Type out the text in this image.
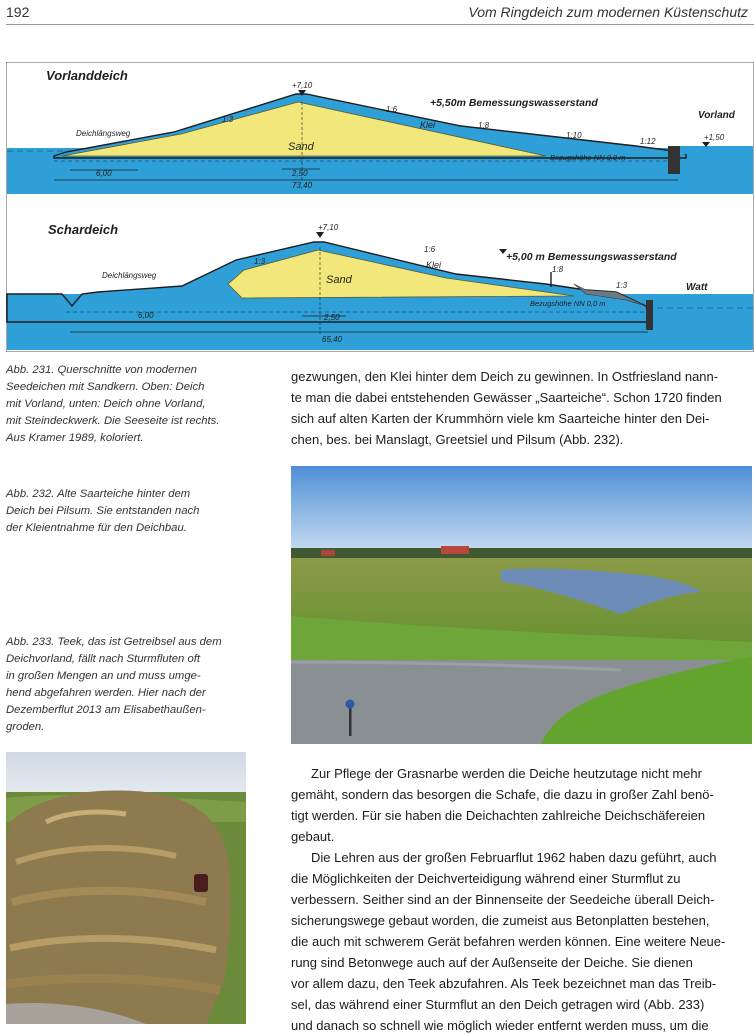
192	Vom Ringdeich zum modernen Küstenschutz
Vorlanddeich
+7,10
+5,50m Bemessungswasserstand
Vorland
+1,50
Deichlängsweg
Sand
Klei
Bezugshöhe NN 0,0 m
1:3
1:6
1:8
1:10
1:12
6,00	2,50
73,40
Schardeich	+7,10
+5,00 m Bemessungswasserstand
Watt
Deichlängsweg	Sand
Klei
Bezugshöhe NN 0,0 m
1:3
1:6
1:8
1:3
6,00	2,50
65,40

Abb. 231. Querschnitte von modernen

Seedeichen mit Sandkern. Oben: Deich

mit Vorland, unten: Deich ohne Vorland,

mit Steindeckwerk. Die Seeseite ist rechts.

Aus Kramer 1989, koloriert.

Abb. 232. Alte Saarteiche hinter dem

Deich bei Pilsum. Sie entstanden nach

der Kleientnahme für den Deichbau.

Abb. 233. Teek, das ist Getreibsel aus dem

Deichvorland, fällt nach Sturmfluten oft

in großen Mengen an und muss umge-

hend abgefahren werden. Hier nach der

Dezemberflut 2013 am Elisabethaußen-

groden.

gezwungen, den Klei hinter dem Deich zu gewinnen. In Ostfriesland nann-

te man die dabei entstehenden Gewässer „Saarteiche“. Schon 1720 finden

sich auf alten Karten der Krummhörn viele km Saarteiche hinter den Dei-

chen, bes. bei Manslagt, Greetsiel und Pilsum (Abb. 232).

Zur Pflege der Grasnarbe werden die Deiche heutzutage nicht mehr

gemäht, sondern das besorgen die Schafe, die dazu in großer Zahl benö-

tigt werden. Für sie haben die Deichachten zahlreiche Deichschäfereien

gebaut.

Die Lehren aus der großen Februarflut 1962 haben dazu geführt, auch

die Möglichkeiten der Deichverteidigung während einer Sturmflut zu

verbessern. Seither sind an der Binnenseite der Seedeiche überall Deich-

sicherungswege gebaut worden, die zumeist aus Betonplatten bestehen,

die auch mit schwerem Gerät befahren werden können. Eine weitere Neue-

rung sind Betonwege auch auf der Außenseite der Deiche. Sie dienen

vor allem dazu, den Teek abzufahren. Als Teek bezeichnet man das Treib-

sel, das während einer Sturmflut an den Deich getragen wird (Abb. 233)

und danach so schnell wie möglich wieder entfernt werden muss, um die
